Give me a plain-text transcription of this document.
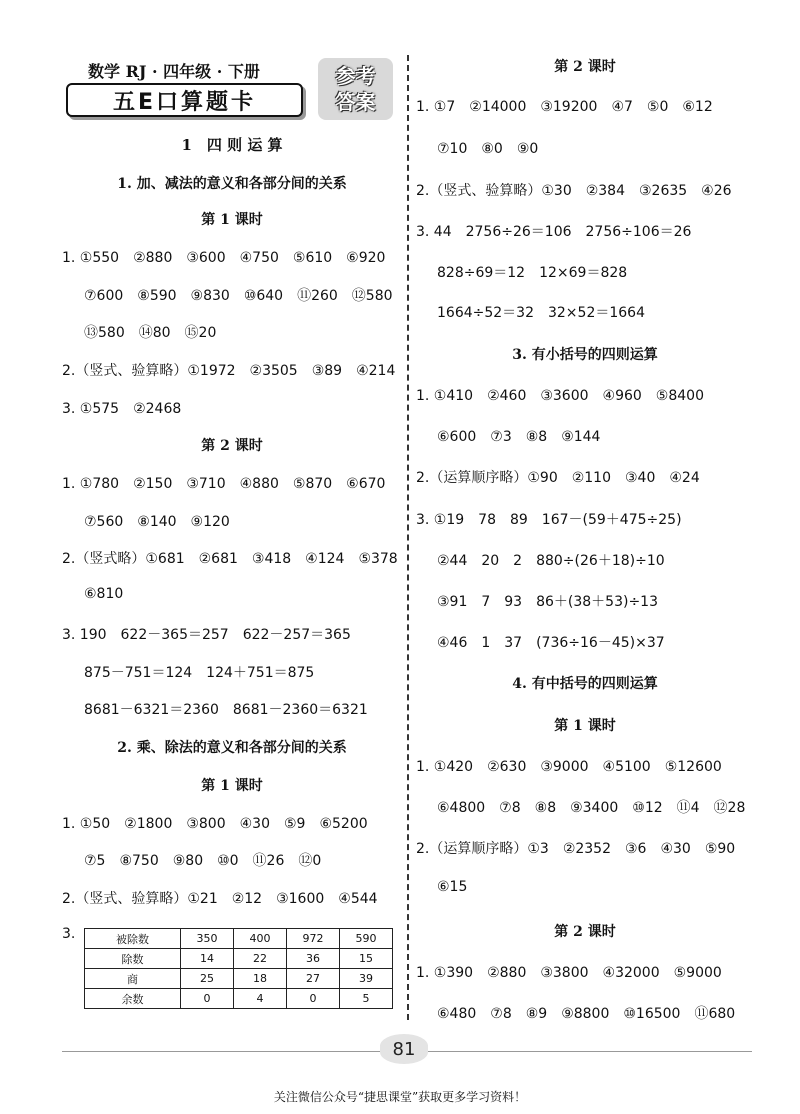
数学 RJ · 四年级 · 下册
五E口算题卡
参考
答案
1　四 则 运 算
1. 加、减法的意义和各部分间的关系
第 1 课时
1. ①550　②880　③600　④750　⑤610　⑥920
⑦600　⑧590　⑨830　⑩640　⑪260　⑫580
⑬580　⑭80　⑮20
2.（竖式、验算略）①1972　②3505　③89　④214
3. ①575　②2468
第 2 课时
1. ①780　②150　③710　④880　⑤870　⑥670
⑦560　⑧140　⑨120
2.（竖式略）①681　②681　③418　④124　⑤378
⑥810
3. 190　622－365＝257　622－257＝365
875－751＝124　124＋751＝875
8681－6321＝2360　8681－2360＝6321
2. 乘、除法的意义和各部分间的关系
第 1 课时
1. ①50　②1800　③800　④30　⑤9　⑥5200
⑦5　⑧750　⑨80　⑩0　⑪26　⑫0
2.（竖式、验算略）①21　②12　③1600　④544
3.	被除数	350	400	972	590
除数	14	22	36	15
商	25	18	27	39
余数	0	4	0	5
第 2 课时
1. ①7　②14000　③19200　④7　⑤0　⑥12
⑦10　⑧0　⑨0
2.（竖式、验算略）①30　②384　③2635　④26
3. 44　2756÷26＝106　2756÷106＝26
828÷69＝12　12×69＝828
1664÷52＝32　32×52＝1664
3. 有小括号的四则运算
1. ①410　②460　③3600　④960　⑤8400
⑥600　⑦3　⑧8　⑨144
2.（运算顺序略）①90　②110　③40　④24
3. ①19　78　89　167－(59＋475÷25)
②44　20　2　880÷(26＋18)÷10
③91　7　93　86＋(38＋53)÷13
④46　1　37　(736÷16－45)×37
4. 有中括号的四则运算
第 1 课时
1. ①420　②630　③9000　④5100　⑤12600
⑥4800　⑦8　⑧8　⑨3400　⑩12　⑪4　⑫28
2.（运算顺序略）①3　②2352　③6　④30　⑤90
⑥15
第 2 课时
1. ①390　②880　③3800　④32000　⑤9000
⑥480　⑦8　⑧9　⑨8800　⑩16500　⑪680
81
关注微信公众号“捷思课堂”获取更多学习资料！
